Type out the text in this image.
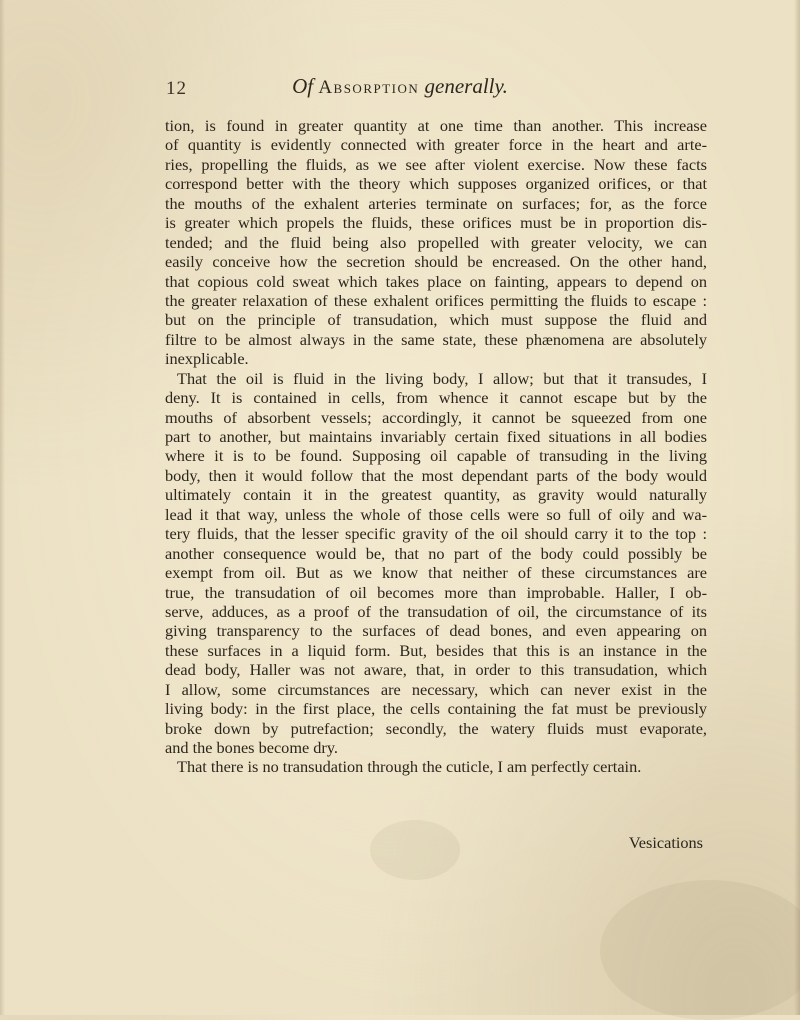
12	Of Absorption generally.
tion, is found in greater quantity at one time than another. This increase
of quantity is evidently connected with greater force in the heart and arte-
ries, propelling the fluids, as we see after violent exercise. Now these facts
correspond better with the theory which supposes organized orifices, or that
the mouths of the exhalent arteries terminate on surfaces; for, as the force
is greater which propels the fluids, these orifices must be in proportion dis-
tended; and the fluid being also propelled with greater velocity, we can
easily conceive how the secretion should be encreased. On the other hand,
that copious cold sweat which takes place on fainting, appears to depend on
the greater relaxation of these exhalent orifices permitting the fluids to escape :
but on the principle of transudation, which must suppose the fluid and
filtre to be almost always in the same state, these phænomena are absolutely
inexplicable.
That the oil is fluid in the living body, I allow; but that it transudes, I
deny. It is contained in cells, from whence it cannot escape but by the
mouths of absorbent vessels; accordingly, it cannot be squeezed from one
part to another, but maintains invariably certain fixed situations in all bodies
where it is to be found. Supposing oil capable of transuding in the living
body, then it would follow that the most dependant parts of the body would
ultimately contain it in the greatest quantity, as gravity would naturally
lead it that way, unless the whole of those cells were so full of oily and wa-
tery fluids, that the lesser specific gravity of the oil should carry it to the top :
another consequence would be, that no part of the body could possibly be
exempt from oil. But as we know that neither of these circumstances are
true, the transudation of oil becomes more than improbable. Haller, I ob-
serve, adduces, as a proof of the transudation of oil, the circumstance of its
giving transparency to the surfaces of dead bones, and even appearing on
these surfaces in a liquid form. But, besides that this is an instance in the
dead body, Haller was not aware, that, in order to this transudation, which
I allow, some circumstances are necessary, which can never exist in the
living body: in the first place, the cells containing the fat must be previously
broke down by putrefaction; secondly, the watery fluids must evaporate,
and the bones become dry.
That there is no transudation through the cuticle, I am perfectly certain.
Vesications
